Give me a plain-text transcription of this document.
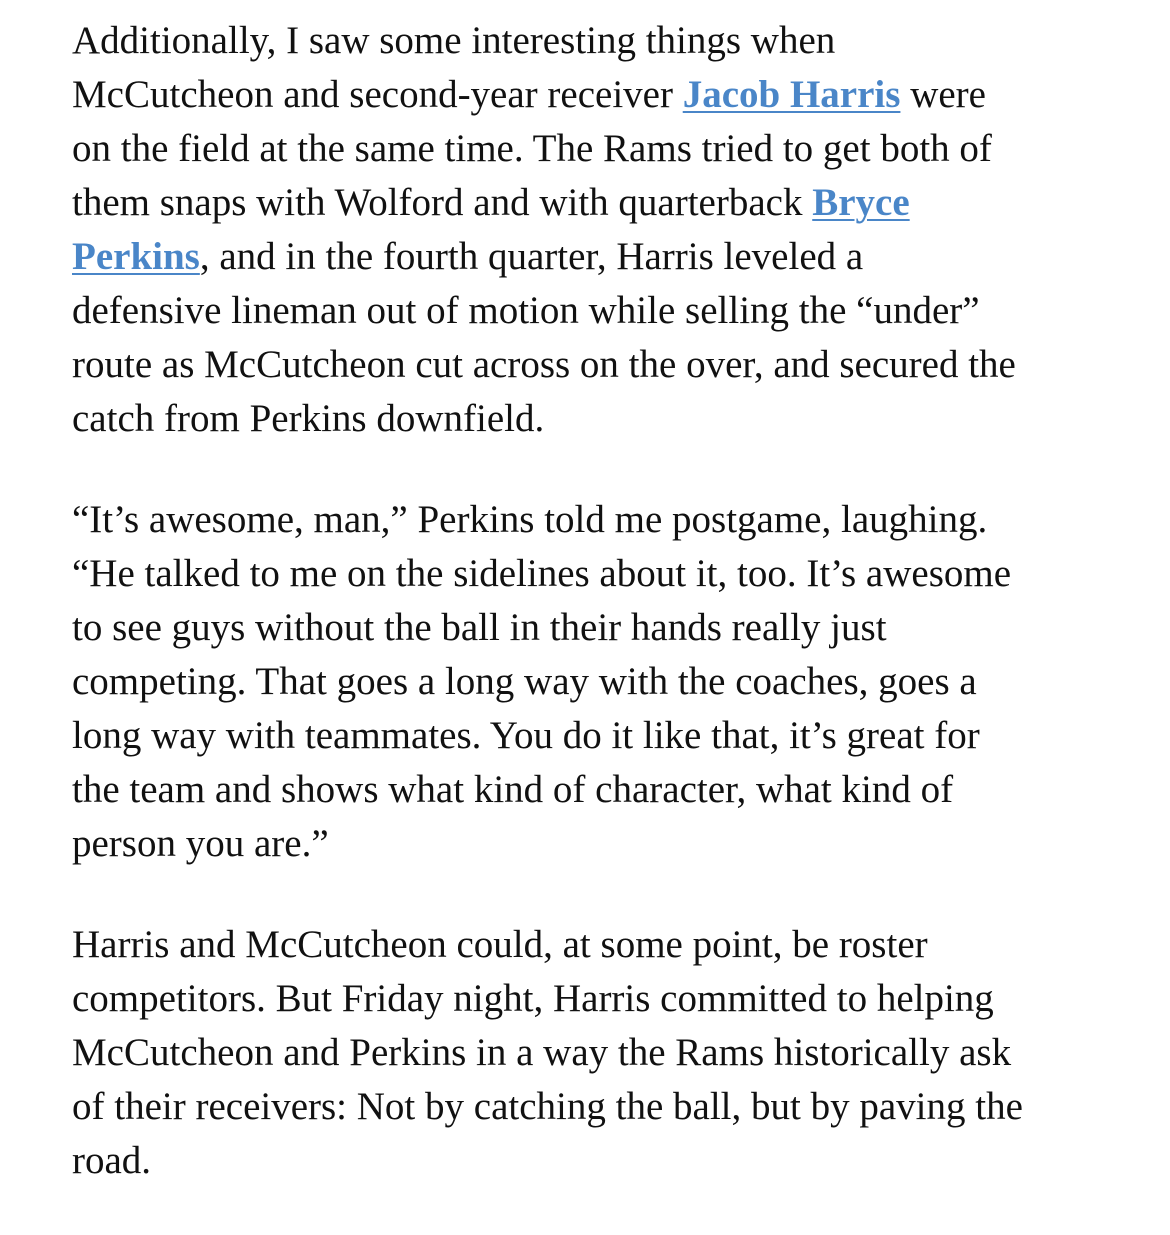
Additionally, I saw some interesting things when
McCutcheon and second-year receiver Jacob Harris were
on the field at the same time. The Rams tried to get both of
them snaps with Wolford and with quarterback Bryce
Perkins, and in the fourth quarter, Harris leveled a
defensive lineman out of motion while selling the “under”
route as McCutcheon cut across on the over, and secured the
catch from Perkins downfield.

“It’s awesome, man,” Perkins told me postgame, laughing.
“He talked to me on the sidelines about it, too. It’s awesome
to see guys without the ball in their hands really just
competing. That goes a long way with the coaches, goes a
long way with teammates. You do it like that, it’s great for
the team and shows what kind of character, what kind of
person you are.”

Harris and McCutcheon could, at some point, be roster
competitors. But Friday night, Harris committed to helping
McCutcheon and Perkins in a way the Rams historically ask
of their receivers: Not by catching the ball, but by paving the
road.
